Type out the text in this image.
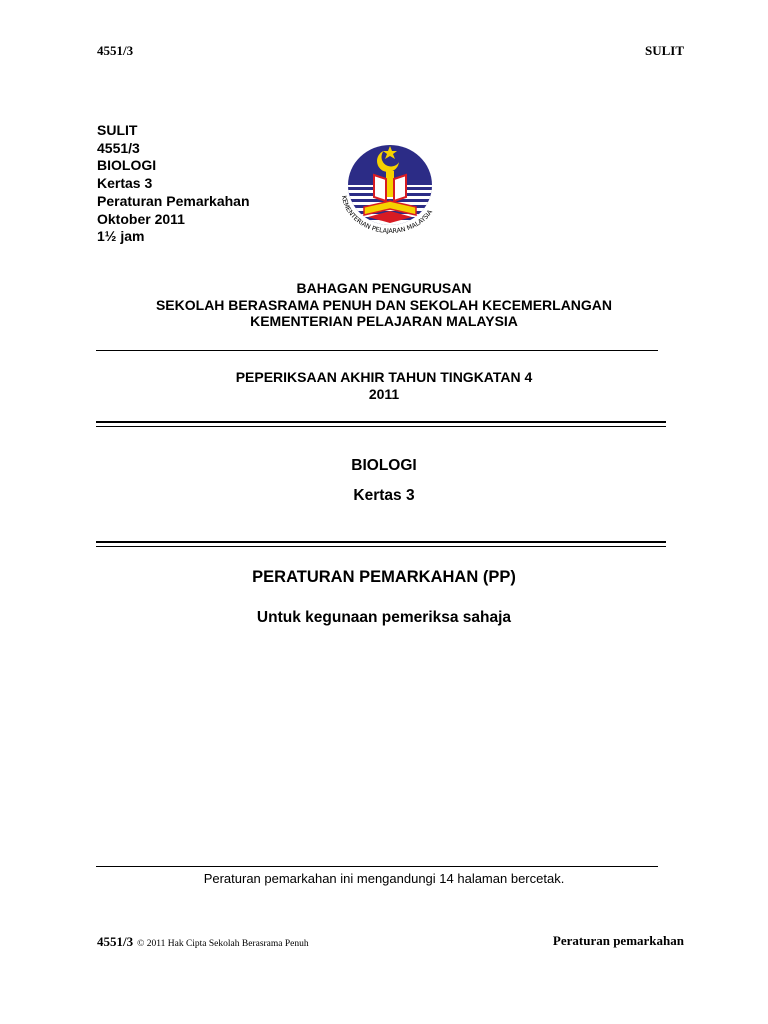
4551/3	SULIT
SULIT
4551/3
BIOLOGI
Kertas 3
Peraturan Pemarkahan
Oktober 2011
1½ jam
KEMENTERIAN PELAJARAN MALAYSIA
BAHAGAN PENGURUSAN
SEKOLAH BERASRAMA PENUH DAN SEKOLAH KECEMERLANGAN
KEMENTERIAN PELAJARAN MALAYSIA
PEPERIKSAAN AKHIR TAHUN TINGKATAN 4
2011
BIOLOGI
Kertas 3
PERATURAN PEMARKAHAN (PP)
Untuk kegunaan pemeriksa sahaja
Peraturan pemarkahan ini mengandungi 14 halaman bercetak.
4551/3 © 2011 Hak Cipta Sekolah Berasrama Penuh	Peraturan pemarkahan
